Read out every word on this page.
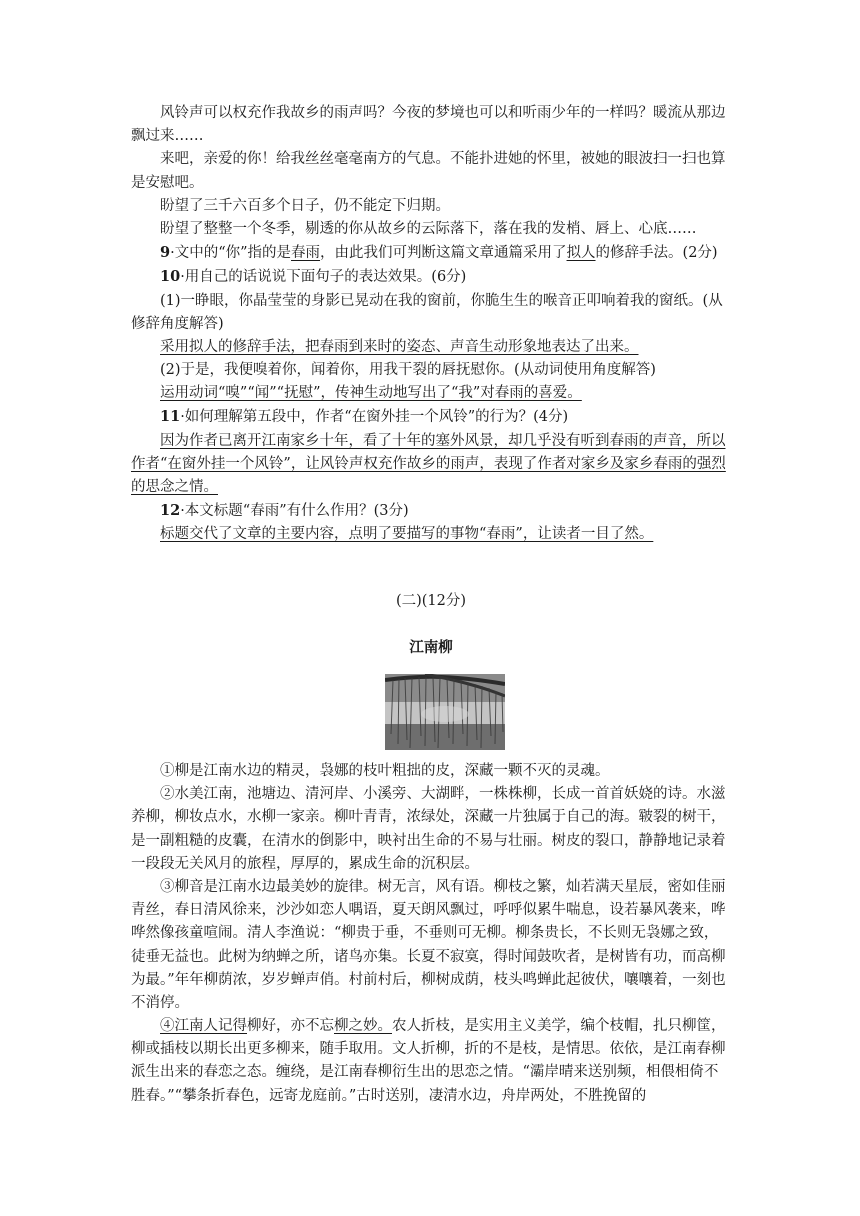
风铃声可以权充作我故乡的雨声吗？今夜的梦境也可以和听雨少年的一样吗？暖流从那边飘过来……

来吧，亲爱的你！给我丝丝毫毫南方的气息。不能扑进她的怀里，被她的眼波扫一扫也算是安慰吧。

盼望了三千六百多个日子，仍不能定下归期。

盼望了整整一个冬季，剔透的你从故乡的云际落下，落在我的发梢、唇上、心底……

9·文中的“你”指的是春雨，由此我们可判断这篇文章通篇采用了拟人的修辞手法。(2分)

10·用自己的话说说下面句子的表达效果。(6分)

(1)一睁眼，你晶莹莹的身影已晃动在我的窗前，你脆生生的喉音正叩响着我的窗纸。(从修辞角度解答)

采用拟人的修辞手法，把春雨到来时的姿态、声音生动形象地表达了出来。

(2)于是，我便嗅着你，闻着你，用我干裂的唇抚慰你。(从动词使用角度解答)

运用动词“嗅”“闻”“抚慰”，传神生动地写出了“我”对春雨的喜爱。

11·如何理解第五段中，作者“在窗外挂一个风铃”的行为？(4分)

因为作者已离开江南家乡十年，看了十年的塞外风景，却几乎没有听到春雨的声音，所以作者“在窗外挂一个风铃”，让风铃声权充作故乡的雨声，表现了作者对家乡及家乡春雨的强烈的思念之情。

12·本文标题“春雨”有什么作用？(3分)

标题交代了文章的主要内容，点明了要描写的事物“春雨”，让读者一目了然。

(二)(12分)

江南柳

①柳是江南水边的精灵，袅娜的枝叶粗拙的皮，深藏一颗不灭的灵魂。

②水美江南，池塘边、清河岸、小溪旁、大湖畔，一株株柳，长成一首首妖娆的诗。水滋养柳，柳妆点水，水柳一家亲。柳叶青青，浓绿处，深藏一片独属于自己的海。皲裂的树干，是一副粗糙的皮囊，在清水的倒影中，映衬出生命的不易与壮丽。树皮的裂口，静静地记录着一段段无关风月的旅程，厚厚的，累成生命的沉积层。

③柳音是江南水边最美妙的旋律。树无言，风有语。柳枝之繁，灿若满天星辰，密如佳丽青丝，春日清风徐来，沙沙如恋人喁语，夏天朗风飘过，呼呼似累牛喘息，设若暴风袭来，哗哗然像孩童喧闹。清人李渔说：“柳贵于垂，不垂则可无柳。柳条贵长，不长则无袅娜之致，徒垂无益也。此树为纳蝉之所，诸鸟亦集。长夏不寂寞，得时闻鼓吹者，是树皆有功，而高柳为最。”年年柳荫浓，岁岁蝉声俏。村前村后，柳树成荫，枝头鸣蝉此起彼伏，嚷嚷着，一刻也不消停。

④江南人记得柳好，亦不忘柳之妙。农人折枝，是实用主义美学，编个枝帽，扎只柳筐，柳或插枝以期长出更多柳来，随手取用。文人折柳，折的不是枝，是情思。依依，是江南春柳派生出来的春恋之态。缠绕，是江南春柳衍生出的思恋之情。“灞岸晴来送别频，相偎相倚不胜春。”“攀条折春色，远寄龙庭前。”古时送别，凄清水边，舟岸两处，不胜挽留的
